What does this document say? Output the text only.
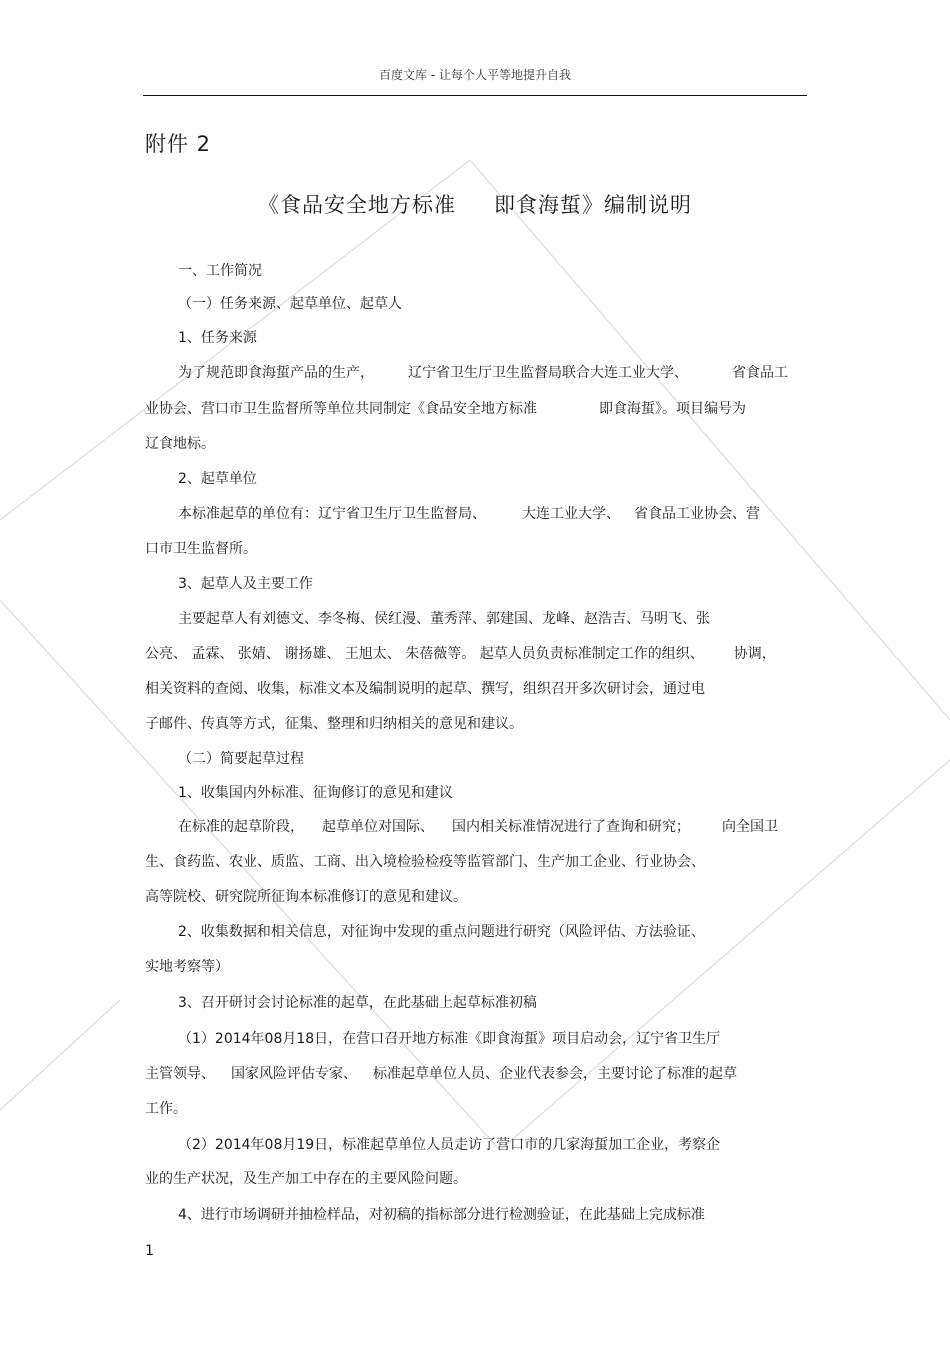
百度文库 - 让每个人平等地提升自我
附件 2
《食品安全地方标准 即食海蜇》编制说明
一、工作简况
（一）任务来源、起草单位、起草人
1、任务来源
为了规范即食海蜇产品的生产， 辽宁省卫生厅卫生监督局联合大连工业大学、	省食品工
业协会、营口市卫生监督所等单位共同制定《食品安全地方标准	即食海蜇》。项目编号为
辽食地标。
2、起草单位
本标准起草的单位有：辽宁省卫生厅卫生监督局、	大连工业大学、 省食品工业协会、营
口市卫生监督所。
3、起草人及主要工作
主要起草人有刘德文、李冬梅、侯红漫、董秀萍、郭建国、龙峰、赵浩吉、马明飞、张
公亮、 孟霖、 张婧、 谢扬雄、 王旭太、 朱蓓薇等。 起草人员负责标准制定工作的组织、 协调，
相关资料的查阅、收集，标准文本及编制说明的起草、撰写，组织召开多次研讨会，通过电
子邮件、传真等方式，征集、整理和归纳相关的意见和建议。
（二）简要起草过程
1、收集国内外标准、征询修订的意见和建议
在标准的起草阶段， 起草单位对国际、 国内相关标准情况进行了查询和研究； 向全国卫
生、食药监、农业、质监、工商、出入境检验检疫等监管部门、生产加工企业、行业协会、
高等院校、研究院所征询本标准修订的意见和建议。
2、收集数据和相关信息，对征询中发现的重点问题进行研究（风险评估、方法验证、
实地考察等）
3、召开研讨会讨论标准的起草，在此基础上起草标准初稿
（1）2014年08月18日，在营口召开地方标准《即食海蜇》项目启动会，辽宁省卫生厅
主管领导、 国家风险评估专家、 标准起草单位人员、企业代表参会，主要讨论了标准的起草
工作。
（2）2014年08月19日，标准起草单位人员走访了营口市的几家海蜇加工企业，考察企
业的生产状况，及生产加工中存在的主要风险问题。
4、进行市场调研并抽检样品，对初稿的指标部分进行检测验证，在此基础上完成标准
1
